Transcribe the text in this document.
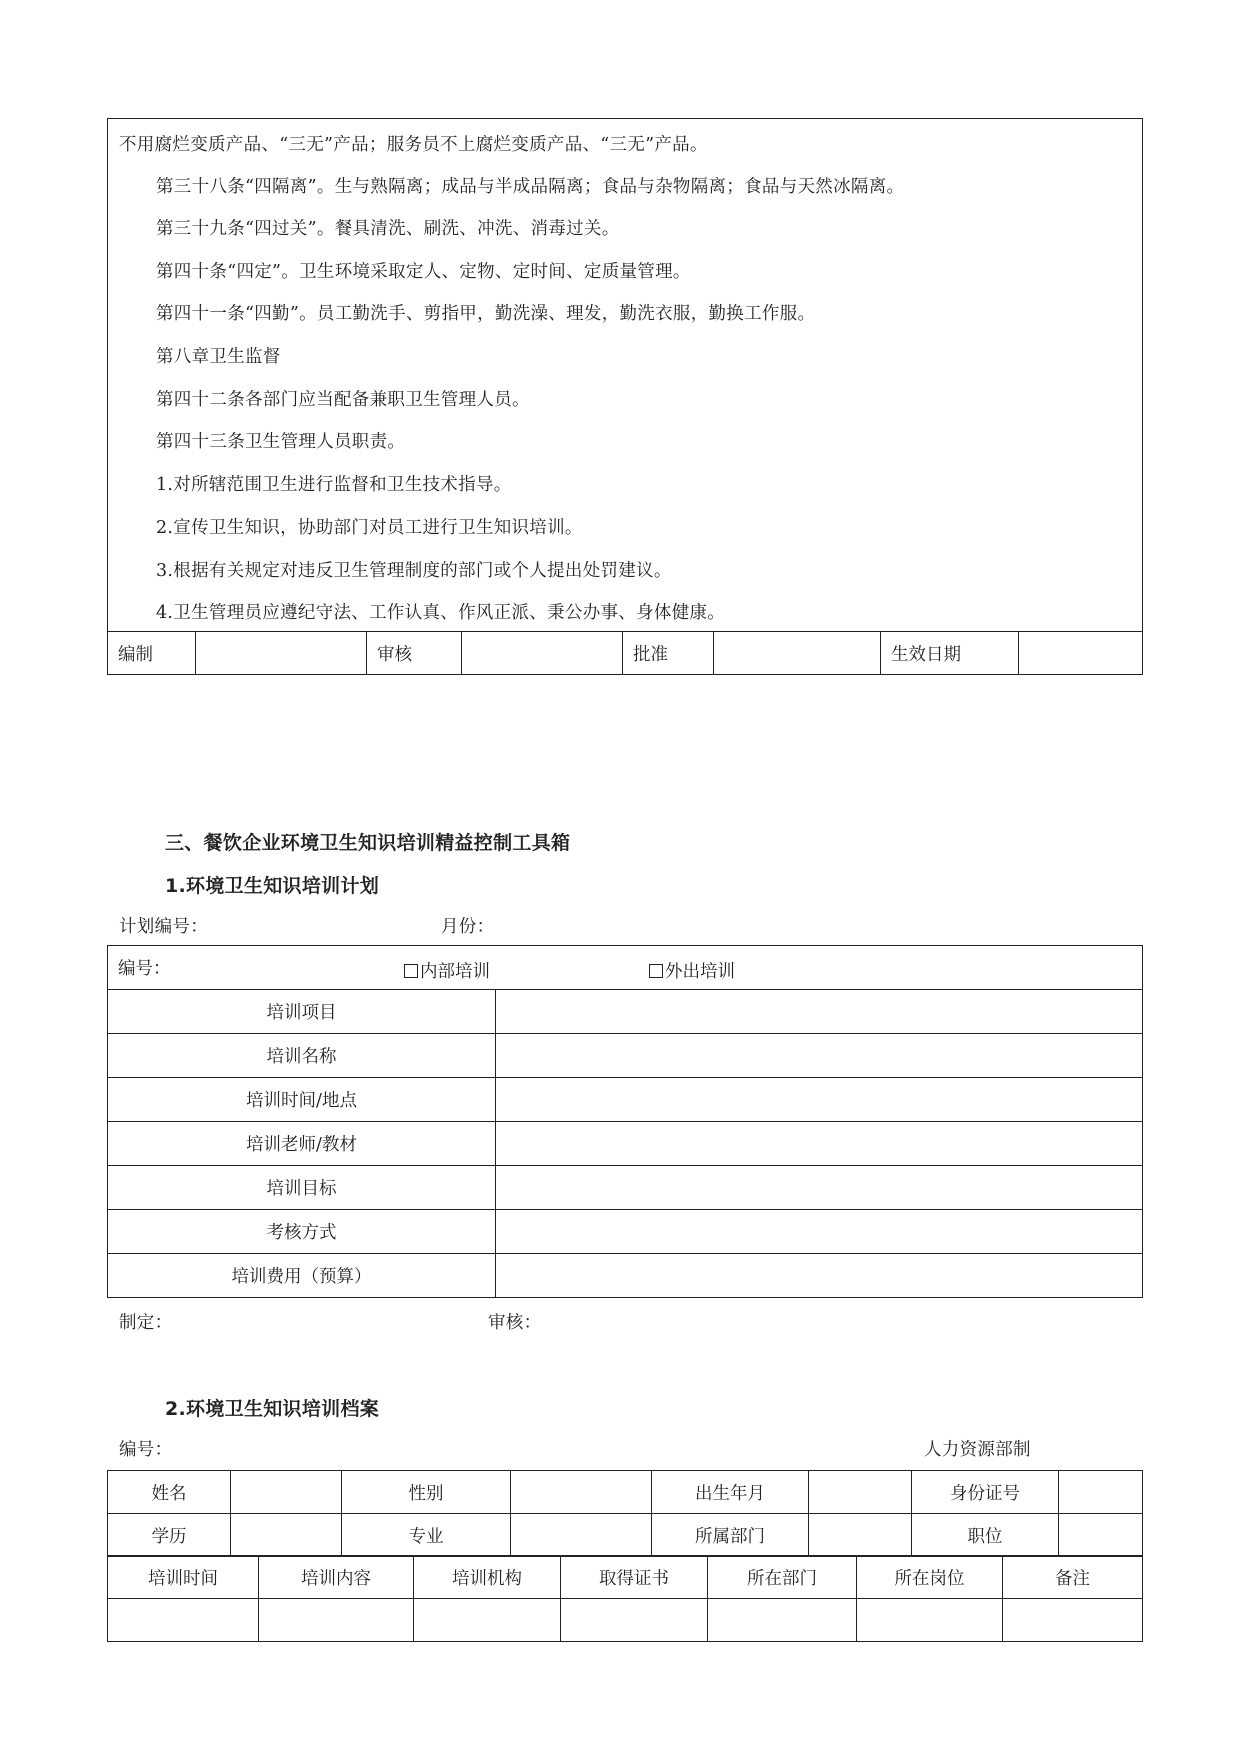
不用腐烂变质产品、“三无”产品；服务员不上腐烂变质产品、“三无”产品。
第三十八条“四隔离”。生与熟隔离；成品与半成品隔离；食品与杂物隔离；食品与天然冰隔离。
第三十九条“四过关”。餐具清洗、刷洗、冲洗、消毒过关。
第四十条“四定”。卫生环境采取定人、定物、定时间、定质量管理。
第四十一条“四勤”。员工勤洗手、剪指甲，勤洗澡、理发，勤洗衣服，勤换工作服。
第八章卫生监督
第四十二条各部门应当配备兼职卫生管理人员。
第四十三条卫生管理人员职责。
1.对所辖范围卫生进行监督和卫生技术指导。
2.宣传卫生知识，协助部门对员工进行卫生知识培训。
3.根据有关规定对违反卫生管理制度的部门或个人提出处罚建议。
4.卫生管理员应遵纪守法、工作认真、作风正派、秉公办事、身体健康。
编制		审核		批准		生效日期	
三、餐饮企业环境卫生知识培训精益控制工具箱
1.环境卫生知识培训计划
计划编号：	月份：
编号： 内部培训 外出培训	

培训项目	
培训名称	
培训时间/地点	
培训老师/教材	
培训目标	
考核方式	
培训费用（预算）	
制定：	审核：
2.环境卫生知识培训档案
编号：	人力资源部制
姓名		性别		出生年月		身份证号	
学历		专业		所属部门		职位	
培训时间	培训内容	培训机构	取得证书	所在部门	所在岗位	备注
